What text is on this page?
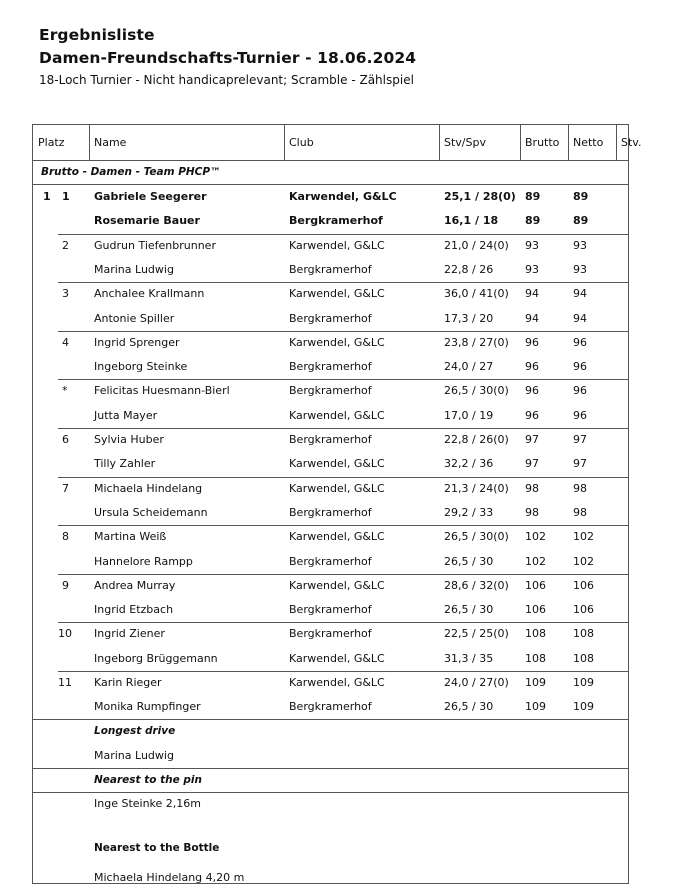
Ergebnisliste
Damen-Freundschafts-Turnier - 18.06.2024
18-Loch Turnier - Nicht handicaprelevant; Scramble - Zählspiel
Platz	Name	Club	Stv/Spv	Brutto	Netto	Stv.
Brutto - Damen - Team PHCP™
1 1 Gabriele Seegerer	Karwendel, G&LC	25,1 / 28(0) 89	89
Rosemarie Bauer	Bergkramerhof	16,1 / 18 89	89
2 Gudrun Tiefenbrunner	Karwendel, G&LC	21,0 / 24(0) 93	93
Marina Ludwig	Bergkramerhof	22,8 / 26	93	93
3 Anchalee Krallmann	Karwendel, G&LC	36,0 / 41(0) 94	94
Antonie Spiller	Bergkramerhof	17,3 / 20	94	94
4 Ingrid Sprenger	Karwendel, G&LC	23,8 / 27(0) 96	96
Ingeborg Steinke	Bergkramerhof	24,0 / 27	96	96
* Felicitas Huesmann-Bierl	Bergkramerhof	26,5 / 30(0) 96	96
Jutta Mayer	Karwendel, G&LC	17,0 / 19	96	96
6 Sylvia Huber	Bergkramerhof	22,8 / 26(0) 97	97
Tilly Zahler	Karwendel, G&LC	32,2 / 36	97	97
7 Michaela Hindelang	Karwendel, G&LC	21,3 / 24(0) 98	98
Ursula Scheidemann	Bergkramerhof	29,2 / 33	98	98
8 Martina Weiß	Karwendel, G&LC	26,5 / 30(0) 102 102
Hannelore Rampp	Bergkramerhof	26,5 / 30	102 102
9 Andrea Murray	Karwendel, G&LC	28,6 / 32(0) 106 106
Ingrid Etzbach	Bergkramerhof	26,5 / 30	106 106
10 Ingrid Ziener	Bergkramerhof	22,5 / 25(0) 108 108
Ingeborg Brüggemann	Karwendel, G&LC	31,3 / 35	108 108
11 Karin Rieger	Karwendel, G&LC	24,0 / 27(0) 109 109
Monika Rumpfinger	Bergkramerhof	26,5 / 30	109 109
Longest drive
Marina Ludwig
Nearest to the pin
Inge Steinke 2,16m
Nearest to the Bottle
Michaela Hindelang 4,20 m
